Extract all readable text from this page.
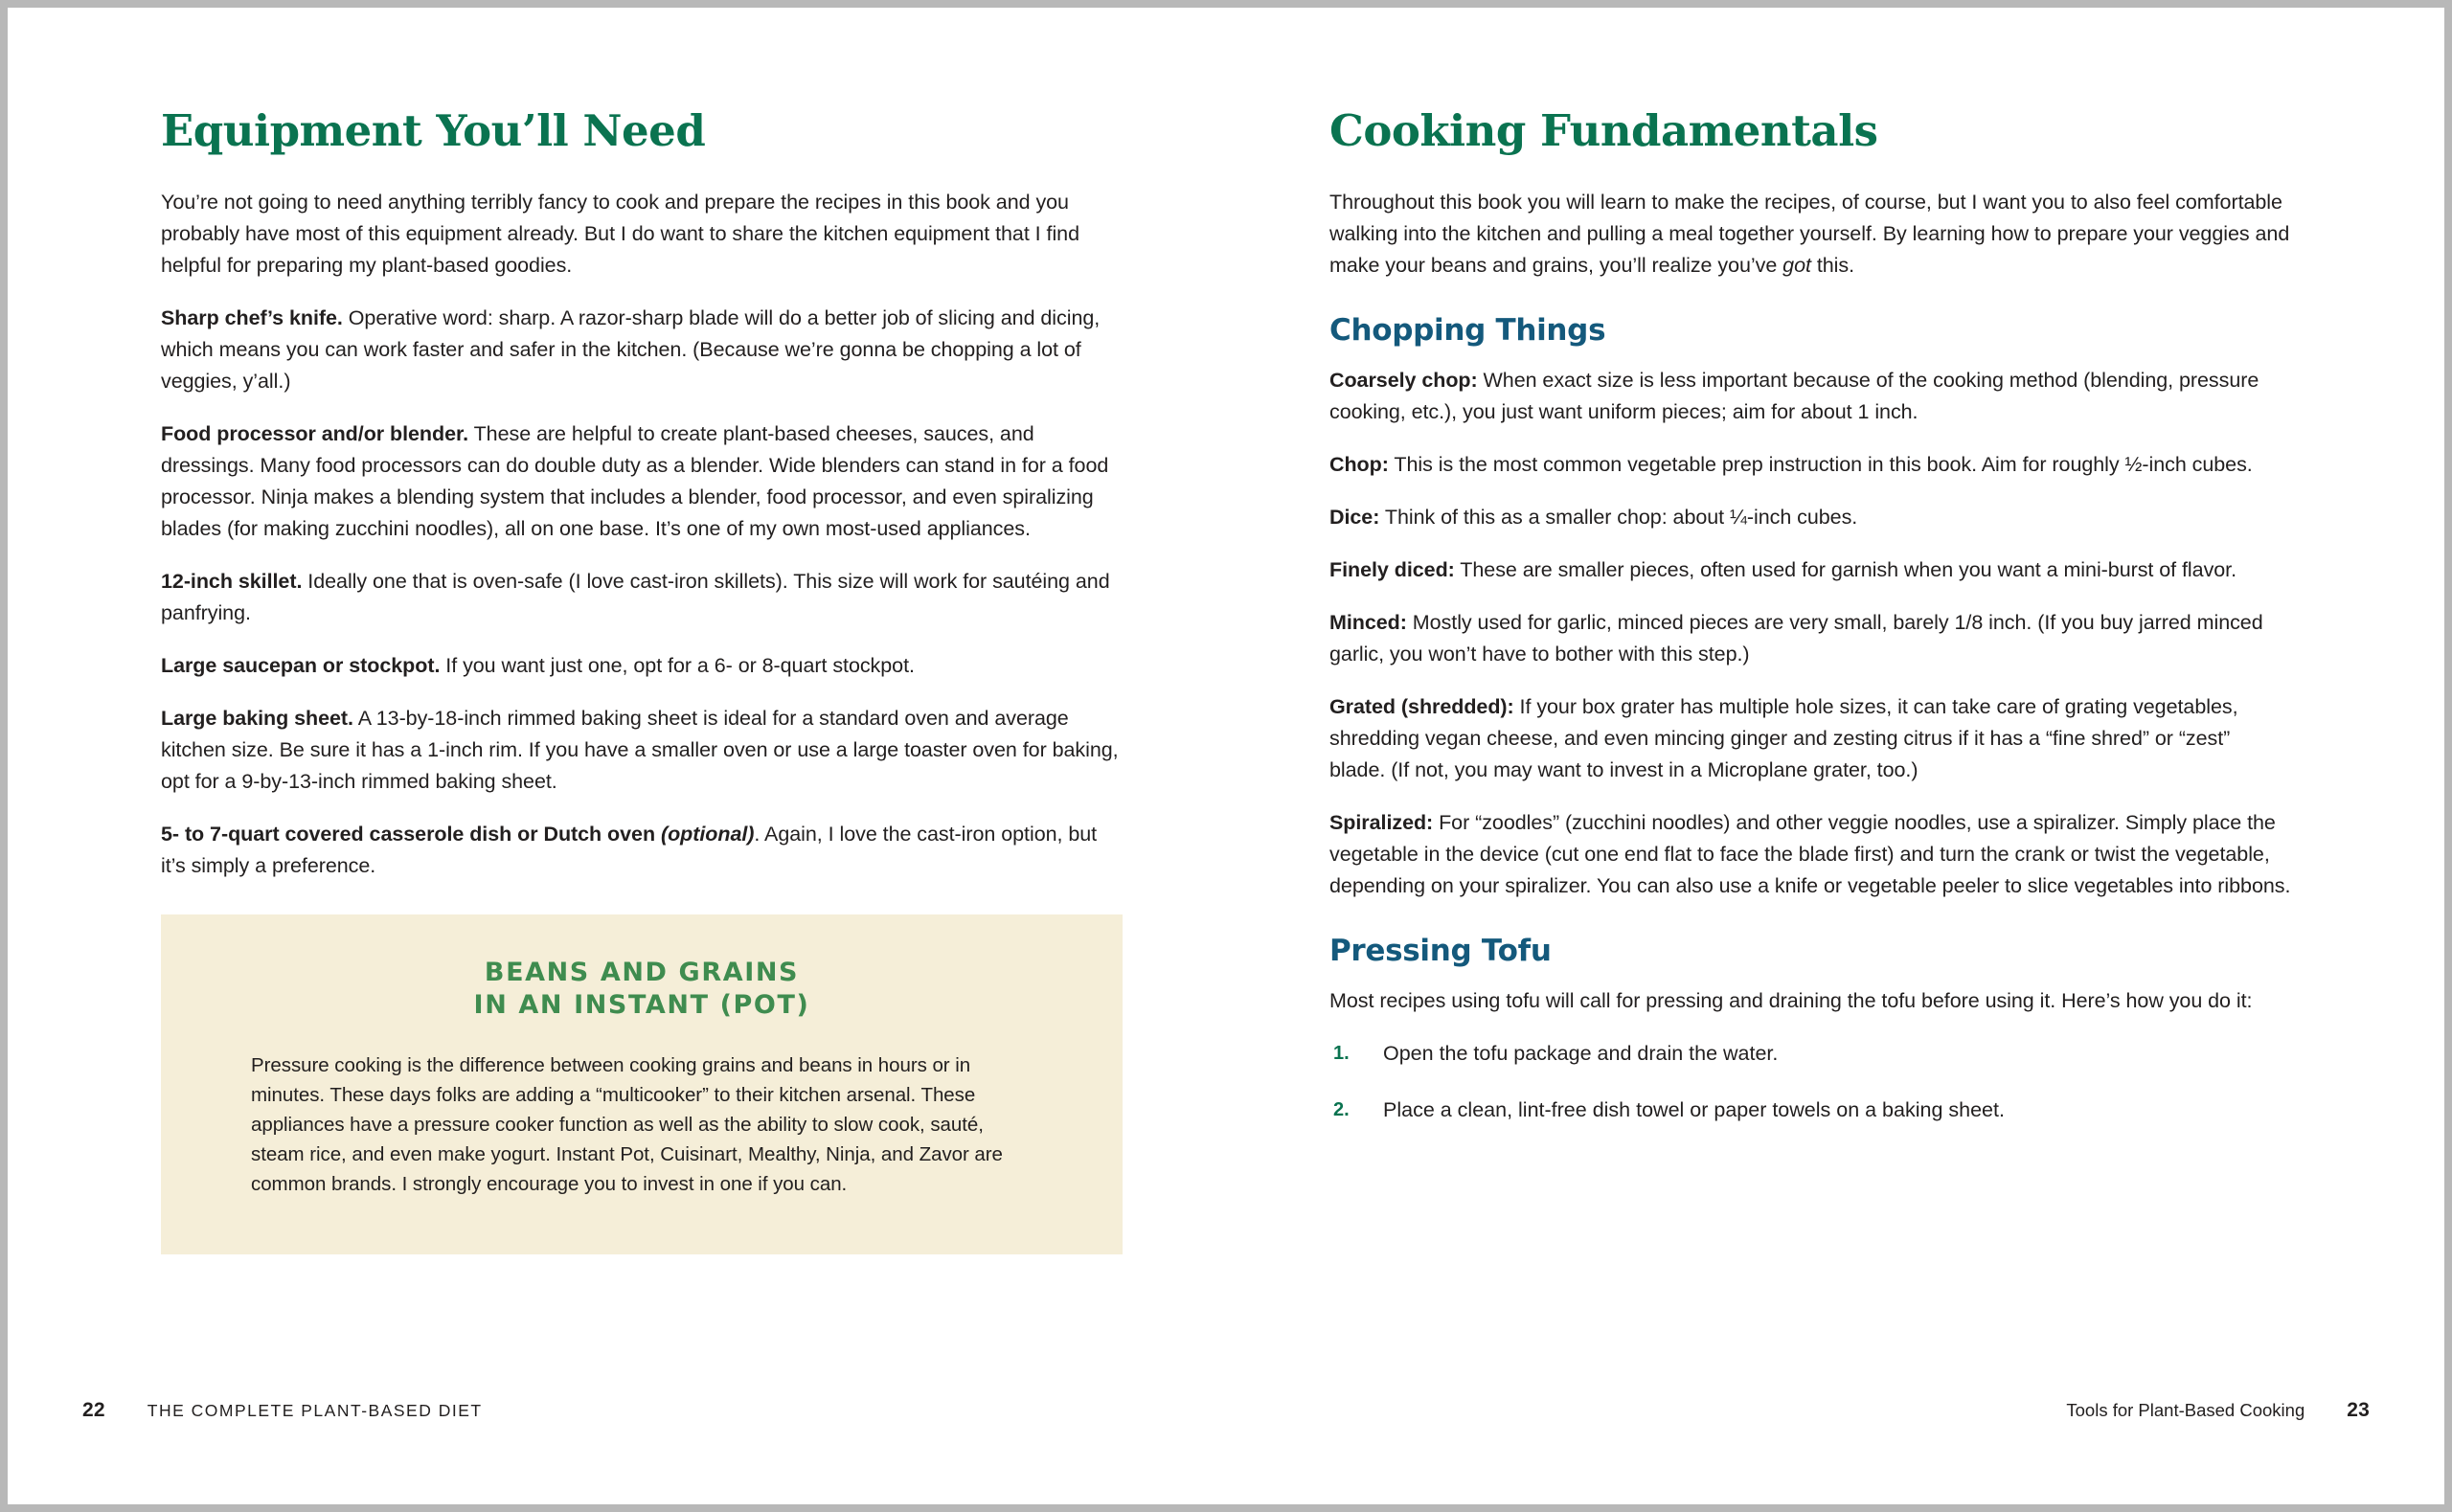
Equipment You’ll Need

You’re not going to need anything terribly fancy to cook and prepare the recipes in this book and you probably have most of this equipment already. But I do want to share the kitchen equipment that I find helpful for preparing my plant-based goodies.

Sharp chef’s knife. Operative word: sharp. A razor-sharp blade will do a better job of slicing and dicing, which means you can work faster and safer in the kitchen. (Because we’re gonna be chopping a lot of veggies, y’all.)

Food processor and/or blender. These are helpful to create plant-based cheeses, sauces, and dressings. Many food processors can do double duty as a blender. Wide blenders can stand in for a food processor. Ninja makes a blending system that includes a blender, food processor, and even spiralizing blades (for making zucchini noodles), all on one base. It’s one of my own most-used appliances.

12-inch skillet. Ideally one that is oven-safe (I love cast-iron skillets). This size will work for sautéing and panfrying.

Large saucepan or stockpot. If you want just one, opt for a 6- or 8-quart stockpot.

Large baking sheet. A 13-by-18-inch rimmed baking sheet is ideal for a standard oven and average kitchen size. Be sure it has a 1-inch rim. If you have a smaller oven or use a large toaster oven for baking, opt for a 9-by-13-inch rimmed baking sheet.

5- to 7-quart covered casserole dish or Dutch oven (optional). Again, I love the cast-iron option, but it’s simply a preference.

BEANS AND GRAINS
IN AN INSTANT (POT)

Pressure cooking is the difference between cooking grains and beans in hours or in minutes. These days folks are adding a “multicooker” to their kitchen arsenal. These appliances have a pressure cooker function as well as the ability to slow cook, sauté, steam rice, and even make yogurt. Instant Pot, Cuisinart, Mealthy, Ninja, and Zavor are common brands. I strongly encourage you to invest in one if you can.

22	THE COMPLETE PLANT-BASED DIET
Cooking Fundamentals

Throughout this book you will learn to make the recipes, of course, but I want you to also feel comfortable walking into the kitchen and pulling a meal together yourself. By learning how to prepare your veggies and make your beans and grains, you’ll realize you’ve got this.

Chopping Things

Coarsely chop: When exact size is less important because of the cooking method (blending, pressure cooking, etc.), you just want uniform pieces; aim for about 1 inch.

Chop: This is the most common vegetable prep instruction in this book. Aim for roughly ½-inch cubes.

Dice: Think of this as a smaller chop: about ¼-inch cubes.

Finely diced: These are smaller pieces, often used for garnish when you want a mini-burst of flavor.

Minced: Mostly used for garlic, minced pieces are very small, barely 1/8 inch. (If you buy jarred minced garlic, you won’t have to bother with this step.)

Grated (shredded): If your box grater has multiple hole sizes, it can take care of grating vegetables, shredding vegan cheese, and even mincing ginger and zesting citrus if it has a “fine shred” or “zest” blade. (If not, you may want to invest in a Microplane grater, too.)

Spiralized: For “zoodles” (zucchini noodles) and other veggie noodles, use a spiralizer. Simply place the vegetable in the device (cut one end flat to face the blade first) and turn the crank or twist the vegetable, depending on your spiralizer. You can also use a knife or vegetable peeler to slice vegetables into ribbons.

Pressing Tofu

Most recipes using tofu will call for pressing and draining the tofu before using it. Here’s how you do it:

1. Open the tofu package and drain the water.
2. Place a clean, lint-free dish towel or paper towels on a baking sheet.
Tools for Plant-Based Cooking 23
